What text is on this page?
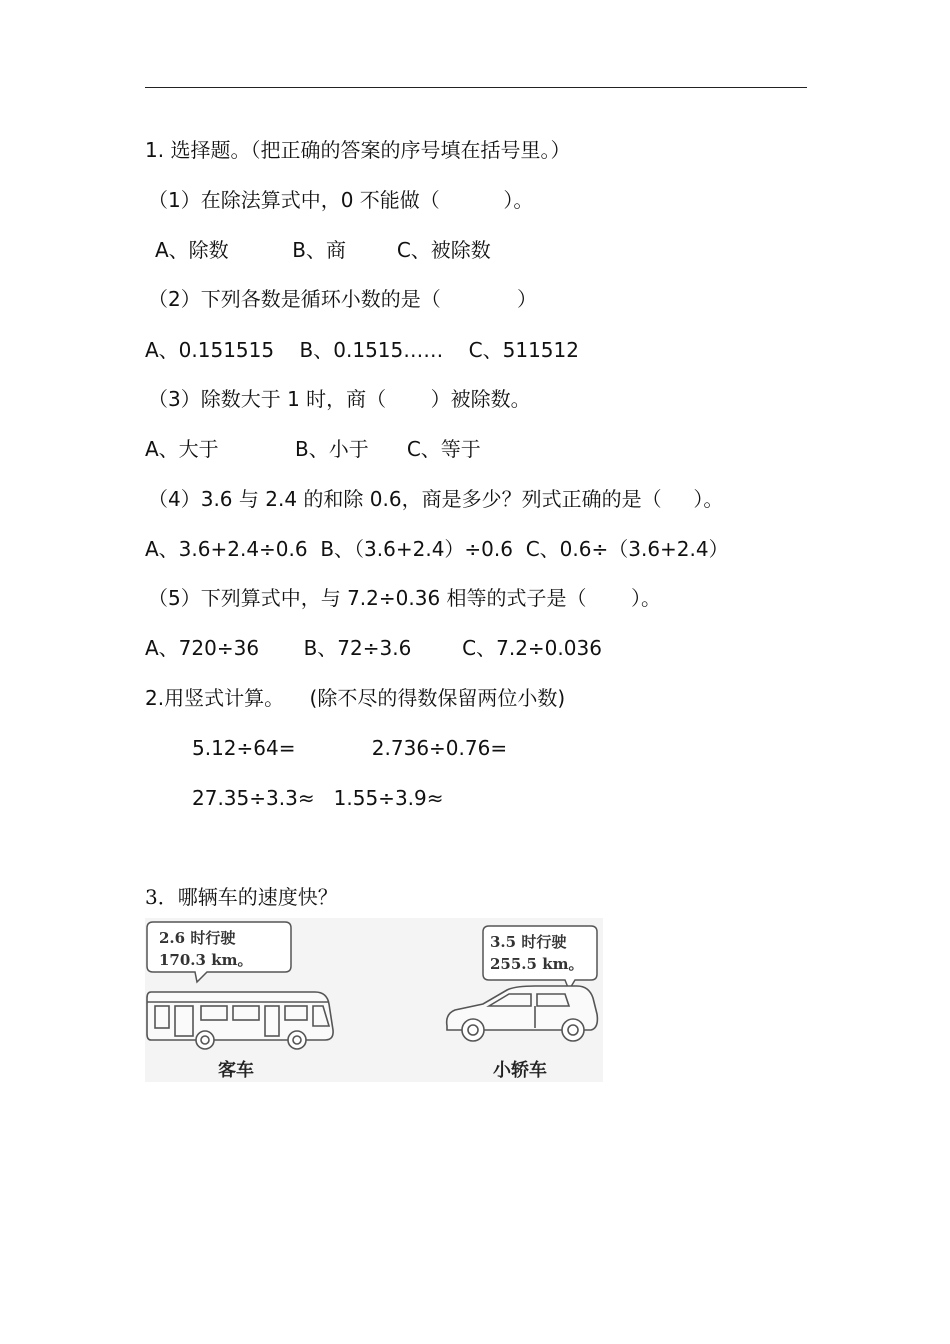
1. 选择题。（把正确的答案的序号填在括号里。）
（1）在除法算式中，0 不能做（          ）。
A、除数          B、商        C、被除数
（2）下列各数是循环小数的是（            ）
A、0.151515    B、0.1515……    C、511512
（3）除数大于 1 时，商（       ）被除数。
A、大于            B、小于      C、等于
（4）3.6 与 2.4 的和除 0.6，商是多少？列式正确的是（     ）。
A、3.6+2.4÷0.6  B、（3.6+2.4）÷0.6  C、0.6÷（3.6+2.4）
（5）下列算式中，与 7.2÷0.36 相等的式子是（       ）。
A、720÷36       B、72÷3.6        C、7.2÷0.036
2.用竖式计算。    (除不尽的得数保留两位小数)
5.12÷64=            2.736÷0.76=
27.35÷3.3≈   1.55÷3.9≈
3．哪辆车的速度快？
2.6 时行驶
170.3 km。
客车
3.5 时行驶
255.5 km。
小轿车
